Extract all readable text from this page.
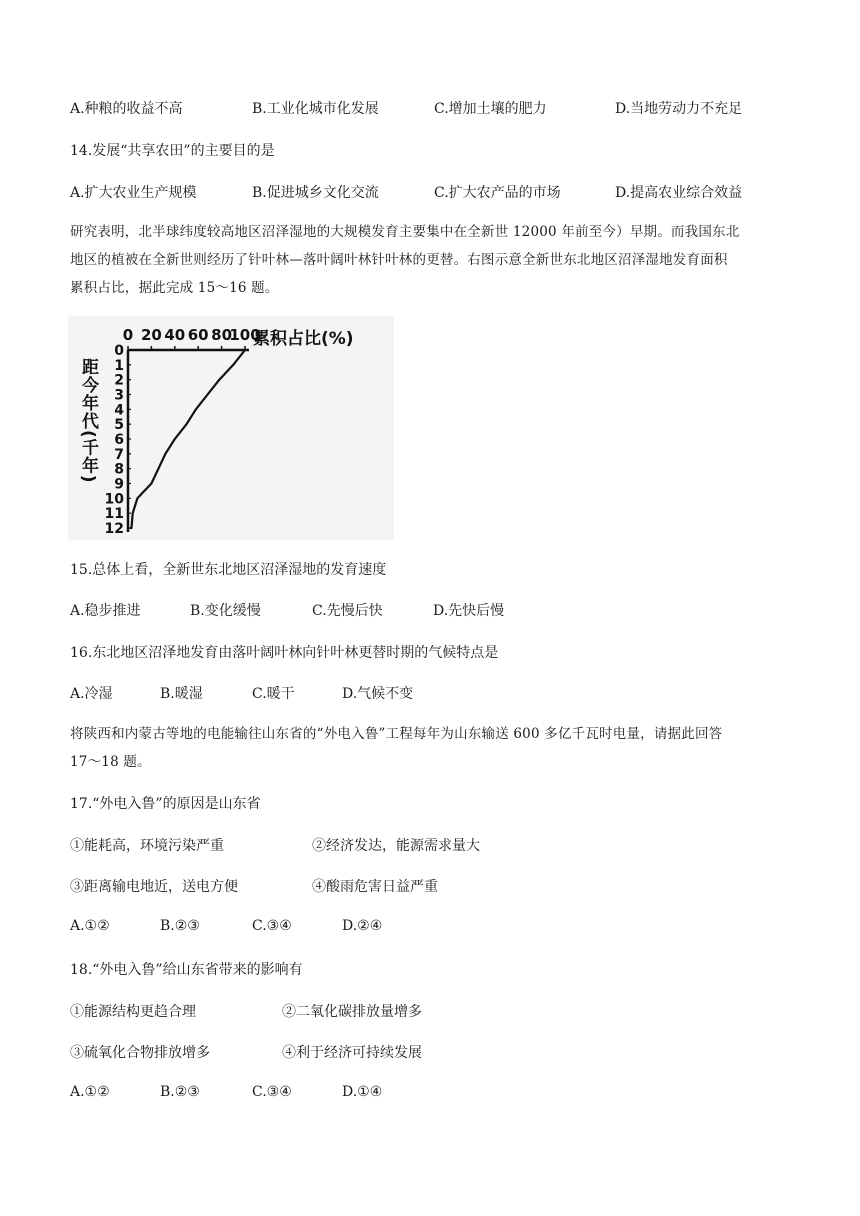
A.种粮的收益不高	B.工业化城市化发展	C.增加土壤的肥力	D.当地劳动力不充足
14.发展“共享农田”的主要目的是
A.扩大农业生产规模	B.促进城乡文化交流	C.扩大农产品的市场	D.提高农业综合效益
研究表明，北半球纬度较高地区沼泽湿地的大规模发育主要集中在全新世 12000 年前至今）早期。而我国东北
地区的植被在全新世则经历了针叶林—落叶阔叶林针叶林的更替。右图示意全新世东北地区沼泽湿地发育面积
累积占比，据此完成 15～16 题。
0 20 40 60 80
100
0
1
2
3
4
5
6
7
8
9
10
11
12
距今年代(千年)
累积占比(%)
15.总体上看，全新世东北地区沼泽湿地的发育速度
A.稳步推进	B.变化缓慢	C.先慢后快	D.先快后慢
16.东北地区沼泽地发育由落叶阔叶林向针叶林更替时期的气候特点是
A.冷湿	B.暖湿	C.暖干	D.气候不变
将陕西和内蒙古等地的电能输往山东省的“外电入鲁”工程每年为山东输送 600 多亿千瓦时电量，请据此回答
17～18 题。
17.“外电入鲁”的原因是山东省
①能耗高，环境污染严重	②经济发达，能源需求量大
③距离输电地近，送电方便	④酸雨危害日益严重
A.①②	B.②③	C.③④	D.②④
18.“外电入鲁”给山东省带来的影响有
①能源结构更趋合理	②二氧化碳排放量增多
③硫氧化合物排放增多	④利于经济可持续发展
A.①②	B.②③	C.③④	D.①④
